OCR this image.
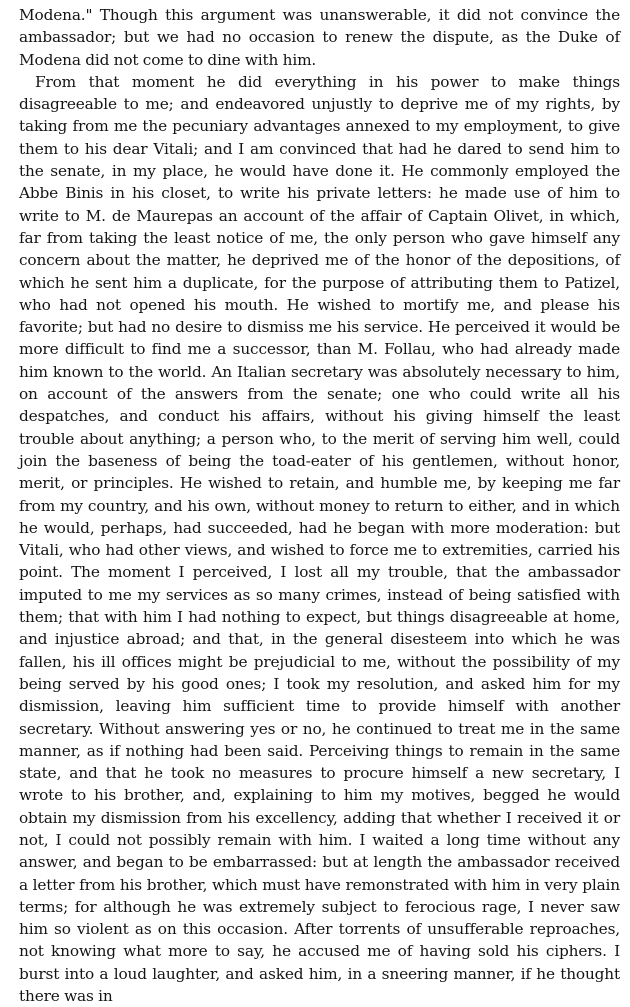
Modena." Though this argument was unanswerable, it did not convince the ambassador; but we had no occasion to renew the dispute, as the Duke of Modena did not come to dine with him.

From that moment he did everything in his power to make things disagreeable to me; and endeavored unjustly to deprive me of my rights, by taking from me the pecuniary advantages annexed to my employment, to give them to his dear Vitali; and I am convinced that had he dared to send him to the senate, in my place, he would have done it. He commonly employed the Abbe Binis in his closet, to write his private letters: he made use of him to write to M. de Maurepas an account of the affair of Captain Olivet, in which, far from taking the least notice of me, the only person who gave himself any concern about the matter, he deprived me of the honor of the depositions, of which he sent him a duplicate, for the purpose of attributing them to Patizel, who had not opened his mouth. He wished to mortify me, and please his favorite; but had no desire to dismiss me his service. He perceived it would be more difficult to find me a successor, than M. Follau, who had already made him known to the world. An Italian secretary was absolutely necessary to him, on account of the answers from the senate; one who could write all his despatches, and conduct his affairs, without his giving himself the least trouble about anything; a person who, to the merit of serving him well, could join the baseness of being the toad-eater of his gentlemen, without honor, merit, or principles. He wished to retain, and humble me, by keeping me far from my country, and his own, without money to return to either, and in which he would, perhaps, had succeeded, had he began with more moderation: but Vitali, who had other views, and wished to force me to extremities, carried his point. The moment I perceived, I lost all my trouble, that the ambassador imputed to me my services as so many crimes, instead of being satisfied with them; that with him I had nothing to expect, but things disagreeable at home, and injustice abroad; and that, in the general disesteem into which he was fallen, his ill offices might be prejudicial to me, without the possibility of my being served by his good ones; I took my resolution, and asked him for my dismission, leaving him sufficient time to provide himself with another secretary. Without answering yes or no, he continued to treat me in the same manner, as if nothing had been said. Perceiving things to remain in the same state, and that he took no measures to procure himself a new secretary, I wrote to his brother, and, explaining to him my motives, begged he would obtain my dismission from his excellency, adding that whether I received it or not, I could not possibly remain with him. I waited a long time without any answer, and began to be embarrassed: but at length the ambassador received a letter from his brother, which must have remonstrated with him in very plain terms; for although he was extremely subject to ferocious rage, I never saw him so violent as on this occasion. After torrents of unsufferable reproaches, not knowing what more to say, he accused me of having sold his ciphers. I burst into a loud laughter, and asked him, in a sneering manner, if he thought there was in
